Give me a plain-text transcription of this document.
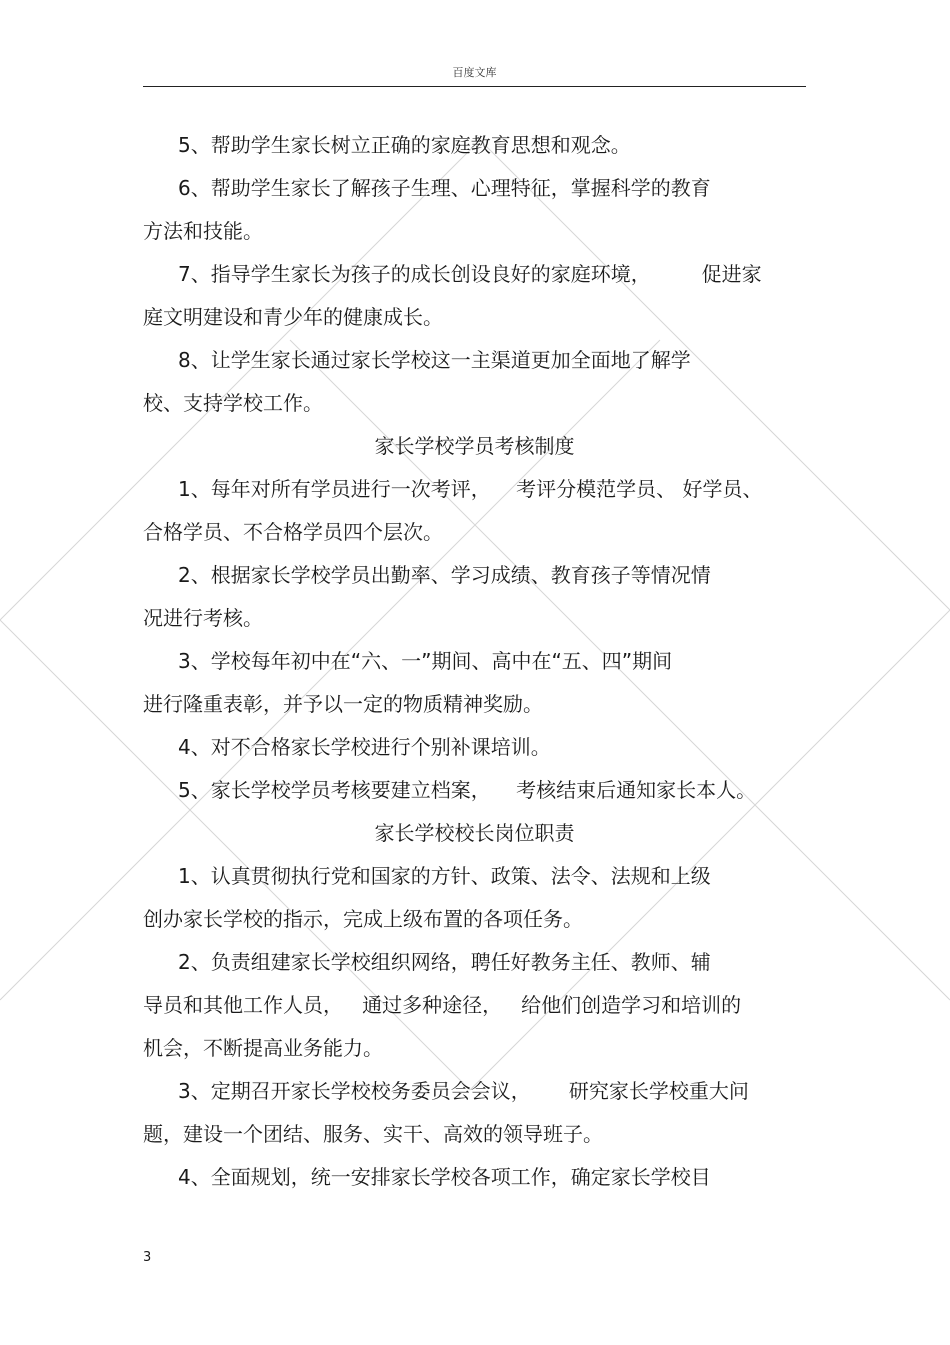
百度文库
5、帮助学生家长树立正确的家庭教育思想和观念。
6、帮助学生家长了解孩子生理、心理特征，掌握科学的教育
方法和技能。
7、指导学生家长为孩子的成长创设良好的家庭环境，        促进家
庭文明建设和青少年的健康成长。
8、让学生家长通过家长学校这一主渠道更加全面地了解学
校、支持学校工作。
家长学校学员考核制度
1、每年对所有学员进行一次考评，    考评分模范学员、 好学员、
合格学员、不合格学员四个层次。
2、根据家长学校学员出勤率、学习成绩、教育孩子等情况情
况进行考核。
3、学校每年初中在“六、一”期间、高中在“五、四”期间
进行隆重表彰，并予以一定的物质精神奖励。
4、对不合格家长学校进行个别补课培训。
5、家长学校学员考核要建立档案，    考核结束后通知家长本人。
家长学校校长岗位职责
1、认真贯彻执行党和国家的方针、政策、法令、法规和上级
创办家长学校的指示，完成上级布置的各项任务。
2、负责组建家长学校组织网络，聘任好教务主任、教师、辅
导员和其他工作人员，   通过多种途径，   给他们创造学习和培训的
机会，不断提高业务能力。
3、定期召开家长学校校务委员会会议，      研究家长学校重大问
题，建设一个团结、服务、实干、高效的领导班子。
4、全面规划，统一安排家长学校各项工作，确定家长学校目
3
